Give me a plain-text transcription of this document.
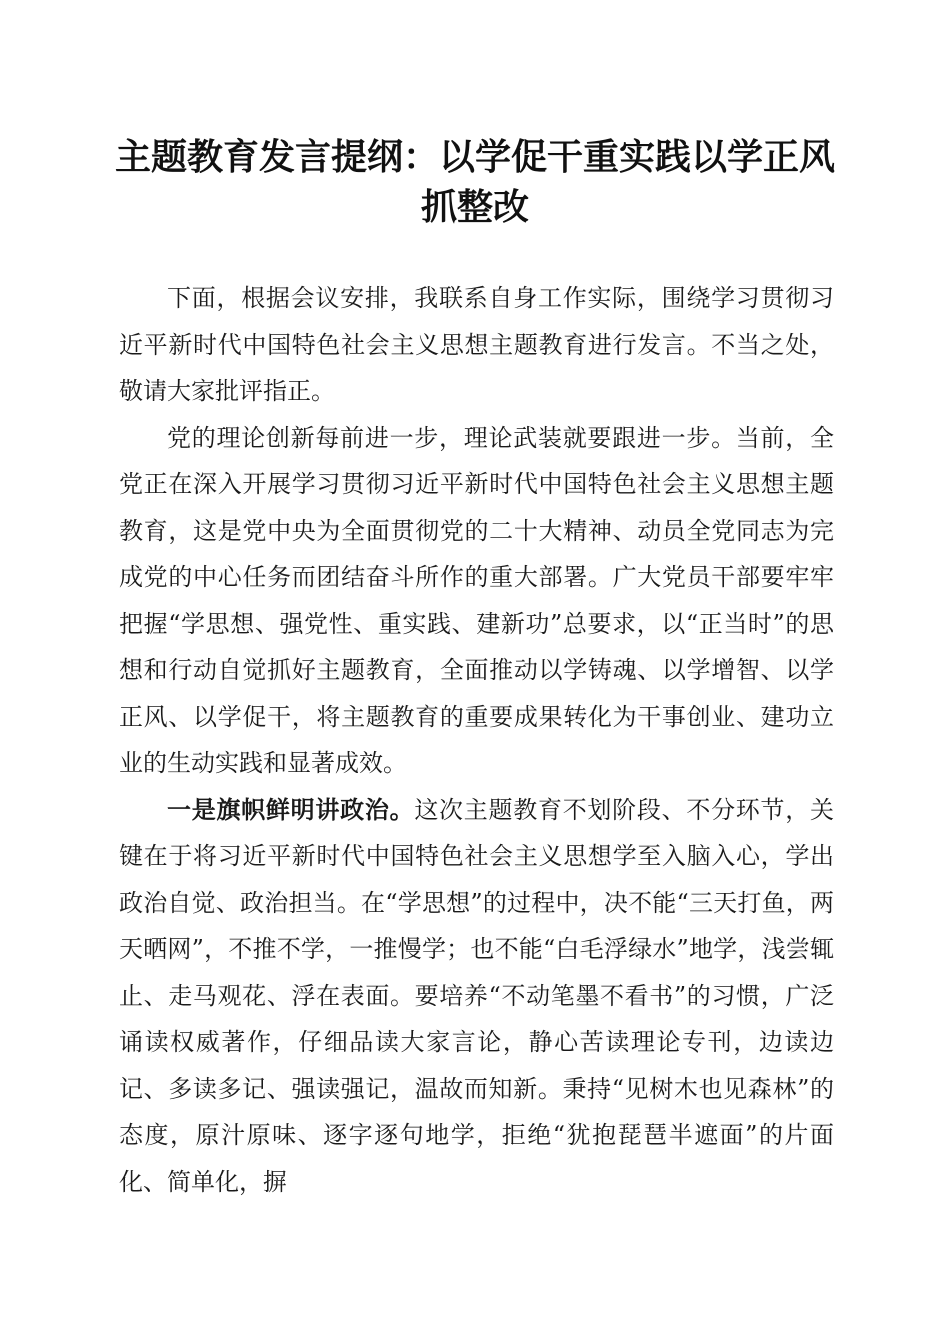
主题教育发言提纲：以学促干重实践以学正风
抓整改

下面，根据会议安排，我联系自身工作实际，围绕学习贯彻习近平新时代中国特色社会主义思想主题教育进行发言。不当之处，敬请大家批评指正。

党的理论创新每前进一步，理论武装就要跟进一步。当前，全党正在深入开展学习贯彻习近平新时代中国特色社会主义思想主题教育，这是党中央为全面贯彻党的二十大精神、动员全党同志为完成党的中心任务而团结奋斗所作的重大部署。广大党员干部要牢牢把握“学思想、强党性、重实践、建新功”总要求，以“正当时”的思想和行动自觉抓好主题教育，全面推动以学铸魂、以学增智、以学正风、以学促干，将主题教育的重要成果转化为干事创业、建功立业的生动实践和显著成效。

一是旗帜鲜明讲政治。这次主题教育不划阶段、不分环节，关键在于将习近平新时代中国特色社会主义思想学至入脑入心，学出政治自觉、政治担当。在“学思想”的过程中，决不能“三天打鱼，两天晒网”，不推不学，一推慢学；也不能“白毛浮绿水”地学，浅尝辄止、走马观花、浮在表面。要培养“不动笔墨不看书”的习惯，广泛诵读权威著作，仔细品读大家言论，静心苦读理论专刊，边读边记、多读多记、强读强记，温故而知新。秉持“见树木也见森林”的态度，原汁原味、逐字逐句地学，拒绝“犹抱琵琶半遮面”的片面化、简单化，摒
